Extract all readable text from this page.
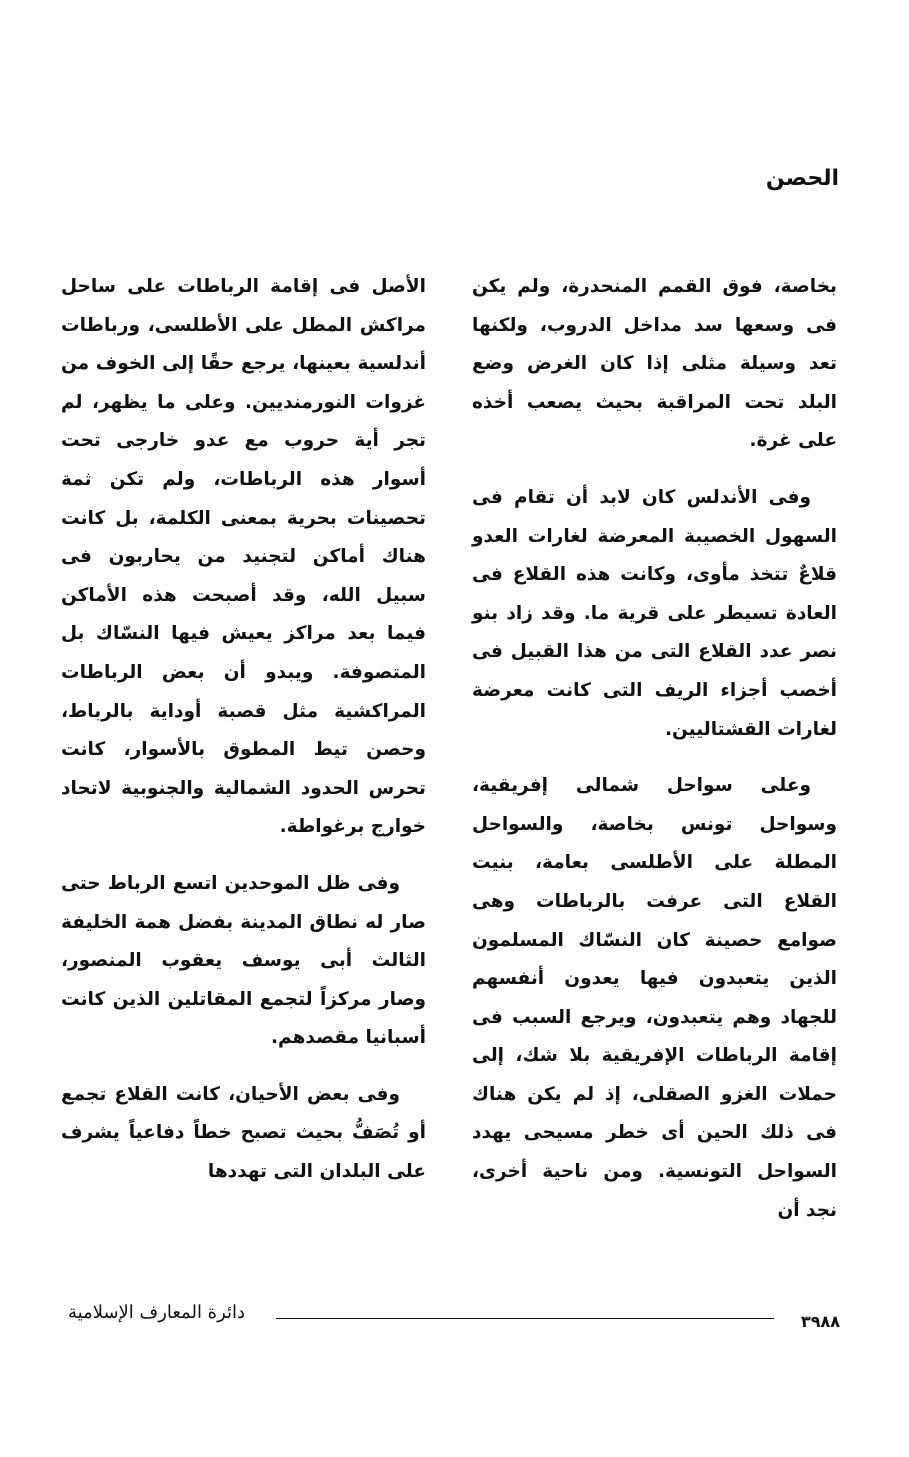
الحصن

بخاصة، فوق القمم المنحدرة، ولم يكن فى وسعها سد مداخل الدروب، ولكنها تعد وسيلة مثلى إذا كان الغرض وضع البلد تحت المراقبة بحيث يصعب أخذه على غرة.

وفى الأندلس كان لابد أن تقام فى السهول الخصيبة المعرضة لغارات العدو قلاعٌ تتخذ مأوى، وكانت هذه القلاع فى العادة تسيطر على قرية ما. وقد زاد بنو نصر عدد القلاع التى من هذا القبيل فى أخصب أجزاء الريف التى كانت معرضة لغارات القشتاليين.

وعلى سواحل شمالى إفريقية، وسواحل تونس بخاصة، والسواحل المطلة على الأطلسى بعامة، بنيت القلاع التى عرفت بالرباطات وهى صوامع حصينة كان النسّاك المسلمون الذين يتعبدون فيها يعدون أنفسهم للجهاد وهم يتعبدون، ويرجع السبب فى إقامة الرباطات الإفريقية بلا شك، إلى حملات الغزو الصقلى، إذ لم يكن هناك فى ذلك الحين أى خطر مسيحى يهدد السواحل التونسية. ومن ناحية أخرى، نجد أن

الأصل فى إقامة الرباطات على ساحل مراكش المطل على الأطلسى، ورباطات أندلسية بعينها، يرجع حقًا إلى الخوف من غزوات النورمنديين. وعلى ما يظهر، لم تجر أية حروب مع عدو خارجى تحت أسوار هذه الرباطات، ولم تكن ثمة تحصينات بحرية بمعنى الكلمة، بل كانت هناك أماكن لتجنيد من يحاربون فى سبيل الله، وقد أصبحت هذه الأماكن فيما بعد مراكز يعيش فيها النسّاك بل المتصوفة. ويبدو أن بعض الرباطات المراكشية مثل قصبة أوداية بالرباط، وحصن تيط المطوق بالأسوار، كانت تحرس الحدود الشمالية والجنوبية لاتحاد خوارج برغواطة.

وفى ظل الموحدين اتسع الرباط حتى صار له نطاق المدينة بفضل همة الخليفة الثالث أبى يوسف يعقوب المنصور، وصار مركزاً لتجمع المقاتلين الذين كانت أسبانيا مقصدهم.

وفى بعض الأحيان، كانت القلاع تجمع أو تُصَفُّ بحيث تصبح خطاً دفاعياً يشرف على البلدان التى تهددها

دائرة المعارف الإسلامية	٣٩٨٨
